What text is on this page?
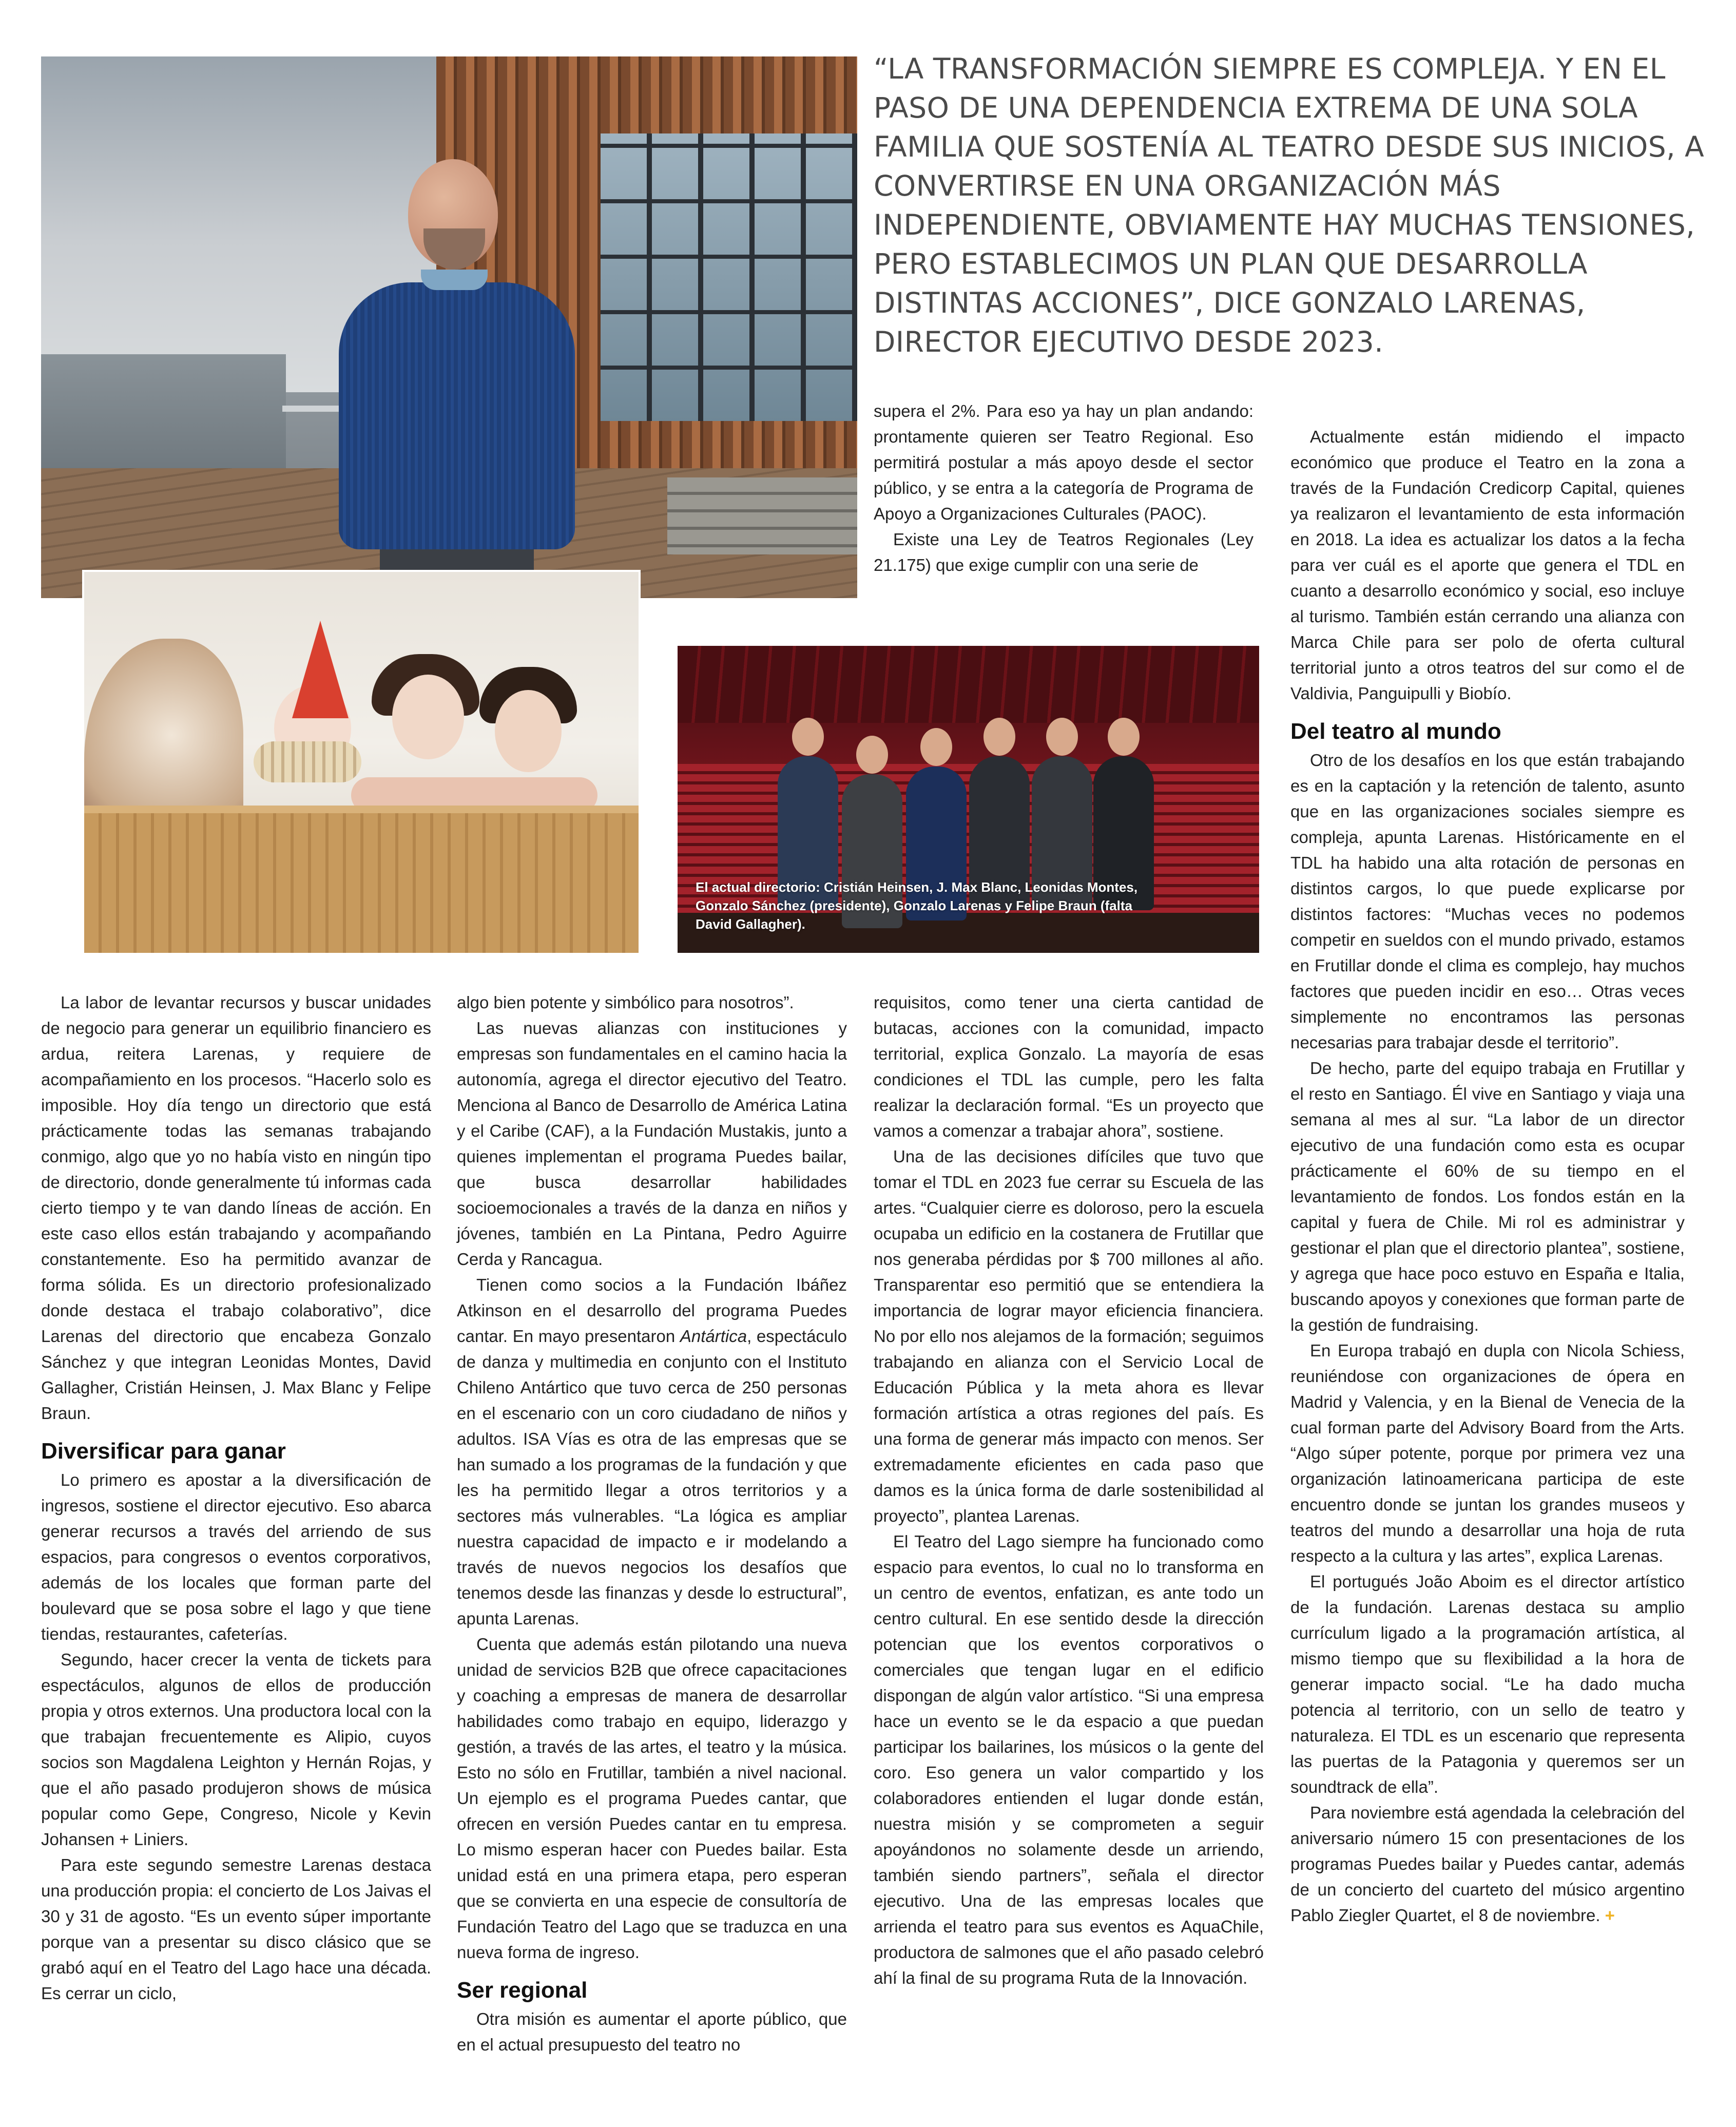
El actual directorio: Cristián Heinsen, J. Max Blanc, Leonidas Montes, Gonzalo Sánchez (presidente), Gonzalo Larenas y Felipe Braun (falta David Gallagher).
“LA TRANSFORMACIÓN SIEMPRE ES COMPLEJA. Y EN EL PASO DE UNA DEPENDENCIA EXTREMA DE UNA SOLA FAMILIA QUE SOSTENÍA AL TEATRO DESDE SUS INICIOS, A CONVERTIRSE EN UNA ORGANIZACIÓN MÁS INDEPENDIENTE, OBVIAMENTE HAY MUCHAS TENSIONES, PERO ESTABLECIMOS UN PLAN QUE DESARROLLA DISTINTAS ACCIONES”, DICE GONZALO LARENAS, DIRECTOR EJECUTIVO DESDE 2023.

supera el 2%. Para eso ya hay un plan andando: prontamente quieren ser Teatro Regional. Eso permitirá postular a más apoyo desde el sector público, y se entra a la categoría de Programa de Apoyo a Organizaciones Culturales (PAOC).

Existe una Ley de Teatros Regionales (Ley 21.175) que exige cumplir con una serie de

La labor de levantar recursos y buscar unidades de negocio para generar un equilibrio financiero es ardua, reitera Larenas, y requiere de acompañamiento en los procesos. “Hacerlo solo es imposible. Hoy día tengo un directorio que está prácticamente todas las semanas trabajando conmigo, algo que yo no había visto en ningún tipo de directorio, donde generalmente tú informas cada cierto tiempo y te van dando líneas de acción. En este caso ellos están trabajando y acompañando constantemente. Eso ha permitido avanzar de forma sólida. Es un directorio profesionalizado donde destaca el trabajo colaborativo”, dice Larenas del directorio que encabeza Gonzalo Sánchez y que integran Leonidas Montes, David Gallagher, Cristián Heinsen, J. Max Blanc y Felipe Braun.

Diversificar para ganar

Lo primero es apostar a la diversificación de ingresos, sostiene el director ejecutivo. Eso abarca generar recursos a través del arriendo de sus espacios, para congresos o eventos corporativos, además de los locales que forman parte del boulevard que se posa sobre el lago y que tiene tiendas, restaurantes, cafeterías.

Segundo, hacer crecer la venta de tickets para espectáculos, algunos de ellos de producción propia y otros externos. Una productora local con la que trabajan frecuentemente es Alipio, cuyos socios son Magdalena Leighton y Hernán Rojas, y que el año pasado produjeron shows de música popular como Gepe, Congreso, Nicole y Kevin Johansen + Liniers.

Para este segundo semestre Larenas destaca una producción propia: el concierto de Los Jaivas el 30 y 31 de agosto. “Es un evento súper importante porque van a presentar su disco clásico que se grabó aquí en el Teatro del Lago hace una década. Es cerrar un ciclo,

algo bien potente y simbólico para nosotros”.

Las nuevas alianzas con instituciones y empresas son fundamentales en el camino hacia la autonomía, agrega el director ejecutivo del Teatro. Menciona al Banco de Desarrollo de América Latina y el Caribe (CAF), a la Fundación Mustakis, junto a quienes implementan el programa Puedes bailar, que busca desarrollar habilidades socioemocionales a través de la danza en niños y jóvenes, también en La Pintana, Pedro Aguirre Cerda y Rancagua.

Tienen como socios a la Fundación Ibáñez Atkinson en el desarrollo del programa Puedes cantar. En mayo presentaron Antártica, espectáculo de danza y multimedia en conjunto con el Instituto Chileno Antártico que tuvo cerca de 250 personas en el escenario con un coro ciudadano de niños y adultos. ISA Vías es otra de las empresas que se han sumado a los programas de la fundación y que les ha permitido llegar a otros territorios y a sectores más vulnerables. “La lógica es ampliar nuestra capacidad de impacto e ir modelando a través de nuevos negocios los desafíos que tenemos desde las finanzas y desde lo estructural”, apunta Larenas.

Cuenta que además están pilotando una nueva unidad de servicios B2B que ofrece capacitaciones y coaching a empresas de manera de desarrollar habilidades como trabajo en equipo, liderazgo y gestión, a través de las artes, el teatro y la música. Esto no sólo en Frutillar, también a nivel nacional. Un ejemplo es el programa Puedes cantar, que ofrecen en versión Puedes cantar en tu empresa. Lo mismo esperan hacer con Puedes bailar. Esta unidad está en una primera etapa, pero esperan que se convierta en una especie de consultoría de Fundación Teatro del Lago que se traduzca en una nueva forma de ingreso.

Ser regional

Otra misión es aumentar el aporte público, que en el actual presupuesto del teatro no

requisitos, como tener una cierta cantidad de butacas, acciones con la comunidad, impacto territorial, explica Gonzalo. La mayoría de esas condiciones el TDL las cumple, pero les falta realizar la declaración formal. “Es un proyecto que vamos a comenzar a trabajar ahora”, sostiene.

Una de las decisiones difíciles que tuvo que tomar el TDL en 2023 fue cerrar su Escuela de las artes. “Cualquier cierre es doloroso, pero la escuela ocupaba un edificio en la costanera de Frutillar que nos generaba pérdidas por $ 700 millones al año. Transparentar eso permitió que se entendiera la importancia de lograr mayor eficiencia financiera. No por ello nos alejamos de la formación; seguimos trabajando en alianza con el Servicio Local de Educación Pública y la meta ahora es llevar formación artística a otras regiones del país. Es una forma de generar más impacto con menos. Ser extremadamente eficientes en cada paso que damos es la única forma de darle sostenibilidad al proyecto”, plantea Larenas.

El Teatro del Lago siempre ha funcionado como espacio para eventos, lo cual no lo transforma en un centro de eventos, enfatizan, es ante todo un centro cultural. En ese sentido desde la dirección potencian que los eventos corporativos o comerciales que tengan lugar en el edificio dispongan de algún valor artístico. “Si una empresa hace un evento se le da espacio a que puedan participar los bailarines, los músicos o la gente del coro. Eso genera un valor compartido y los colaboradores entienden el lugar donde están, nuestra misión y se comprometen a seguir apoyándonos no solamente desde un arriendo, también siendo partners”, señala el director ejecutivo. Una de las empresas locales que arrienda el teatro para sus eventos es AquaChile, productora de salmones que el año pasado celebró ahí la final de su programa Ruta de la Innovación.

Actualmente están midiendo el impacto económico que produce el Teatro en la zona a través de la Fundación Credicorp Capital, quienes ya realizaron el levantamiento de esta información en 2018. La idea es actualizar los datos a la fecha para ver cuál es el aporte que genera el TDL en cuanto a desarrollo económico y social, eso incluye al turismo. También están cerrando una alianza con Marca Chile para ser polo de oferta cultural territorial junto a otros teatros del sur como el de Valdivia, Panguipulli y Biobío.

Del teatro al mundo

Otro de los desafíos en los que están trabajando es en la captación y la retención de talento, asunto que en las organizaciones sociales siempre es compleja, apunta Larenas. Históricamente en el TDL ha habido una alta rotación de personas en distintos cargos, lo que puede explicarse por distintos factores: “Muchas veces no podemos competir en sueldos con el mundo privado, estamos en Frutillar donde el clima es complejo, hay muchos factores que pueden incidir en eso… Otras veces simplemente no encontramos las personas necesarias para trabajar desde el territorio”.

De hecho, parte del equipo trabaja en Frutillar y el resto en Santiago. Él vive en Santiago y viaja una semana al mes al sur. “La labor de un director ejecutivo de una fundación como esta es ocupar prácticamente el 60% de su tiempo en el levantamiento de fondos. Los fondos están en la capital y fuera de Chile. Mi rol es administrar y gestionar el plan que el directorio plantea”, sostiene, y agrega que hace poco estuvo en España e Italia, buscando apoyos y conexiones que forman parte de la gestión de fundraising.

En Europa trabajó en dupla con Nicola Schiess, reuniéndose con organizaciones de ópera en Madrid y Valencia, y en la Bienal de Venecia de la cual forman parte del Advisory Board from the Arts. “Algo súper potente, porque por primera vez una organización latinoamericana participa de este encuentro donde se juntan los grandes museos y teatros del mundo a desarrollar una hoja de ruta respecto a la cultura y las artes”, explica Larenas.

El portugués João Aboim es el director artístico de la fundación. Larenas destaca su amplio currículum ligado a la programación artística, al mismo tiempo que su flexibilidad a la hora de generar impacto social. “Le ha dado mucha potencia al territorio, con un sello de teatro y naturaleza. El TDL es un escenario que representa las puertas de la Patagonia y queremos ser un soundtrack de ella”.

Para noviembre está agendada la celebración del aniversario número 15 con presentaciones de los programas Puedes bailar y Puedes cantar, además de un concierto del cuarteto del músico argentino Pablo Ziegler Quartet, el 8 de noviembre. +
